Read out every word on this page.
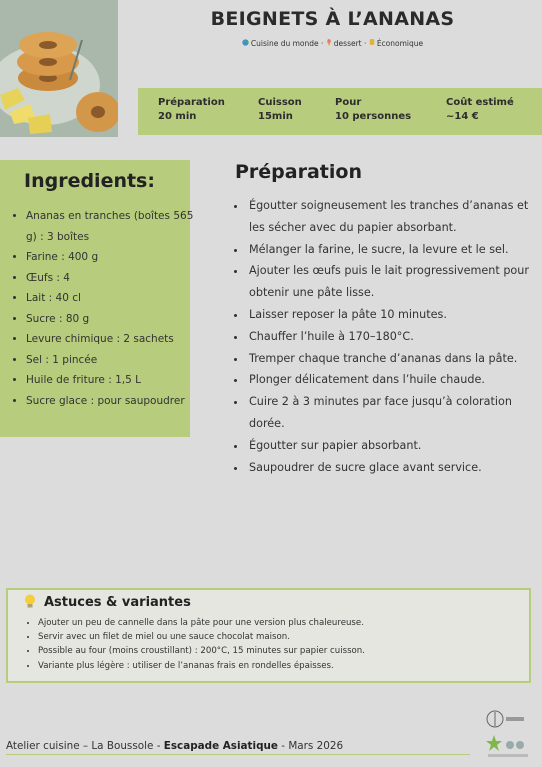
BEIGNETS À L’ANANAS
Cuisine du monde · dessert · Économique
Préparation
20 min
Cuisson
15min
Pour
10 personnes
Coût estimé
~14 €
Ingredients:
• Ananas en tranches (boîtes 565 g) : 3 boîtes
• Farine : 400 g
• Œufs : 4
• Lait : 40 cl
• Sucre : 80 g
• Levure chimique : 2 sachets
• Sel : 1 pincée
• Huile de friture : 1,5 L
• Sucre glace : pour saupoudrer
Préparation
• Égoutter soigneusement les tranches d’ananas et les sécher avec du papier absorbant.
• Mélanger la farine, le sucre, la levure et le sel.
• Ajouter les œufs puis le lait progressivement pour obtenir une pâte lisse.
• Laisser reposer la pâte 10 minutes.
• Chauffer l’huile à 170–180°C.
• Tremper chaque tranche d’ananas dans la pâte.
• Plonger délicatement dans l’huile chaude.
• Cuire 2 à 3 minutes par face jusqu’à coloration dorée.
• Égoutter sur papier absorbant.
• Saupoudrer de sucre glace avant service.
Astuces & variantes
• Ajouter un peu de cannelle dans la pâte pour une version plus chaleureuse.
• Servir avec un filet de miel ou une sauce chocolat maison.
• Possible au four (moins croustillant) : 200°C, 15 minutes sur papier cuisson.
• Variante plus légère : utiliser de l’ananas frais en rondelles épaisses.
Atelier cuisine – La Boussole - Escapade Asiatique - Mars 2026
